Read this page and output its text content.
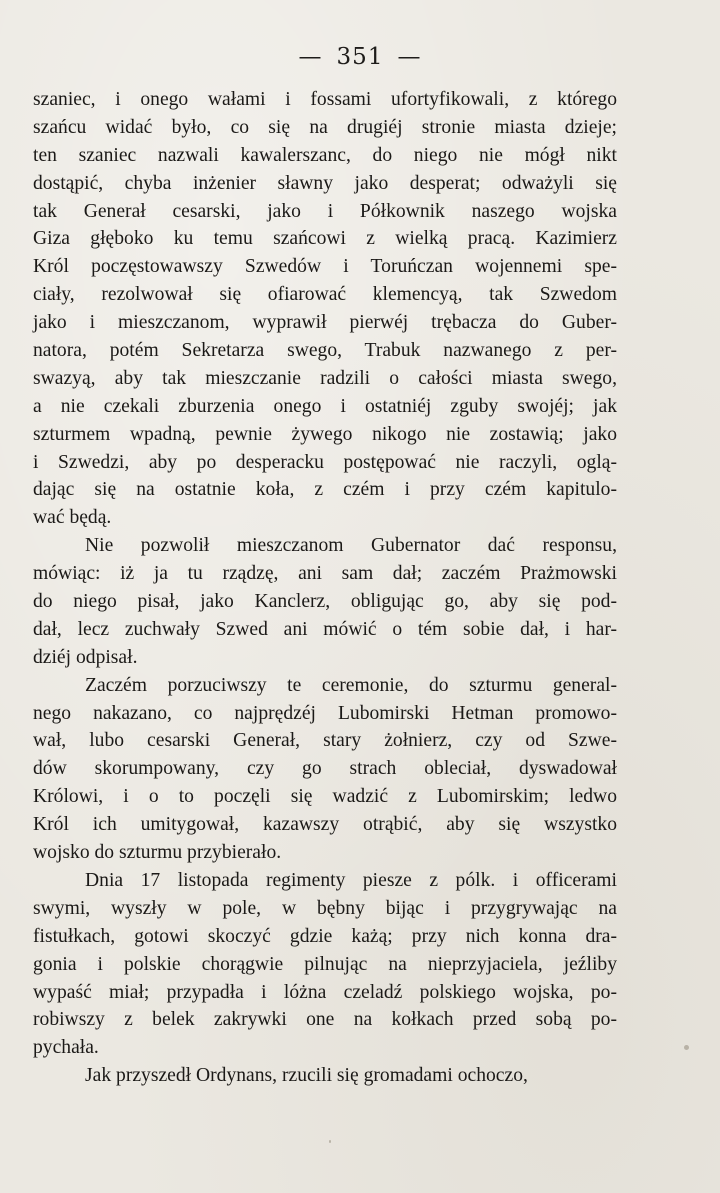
— 351 —
szaniec, i onego wałami i fossami ufortyfikowali, z którego
szańcu widać było, co się na drugiéj stronie miasta dzieje;
ten szaniec nazwali kawalerszanc, do niego nie mógł nikt
dostąpić, chyba inżenier sławny jako desperat; odważyli się
tak Generał cesarski, jako i Półkownik naszego wojska
Giza głęboko ku temu szańcowi z wielką pracą. Kazimierz
Król poczęstowawszy Szwedów i Toruńczan wojennemi spe-
ciały, rezolwował się ofiarować klemencyą, tak Szwedom
jako i mieszczanom, wyprawił pierwéj trębacza do Guber-
natora, potém Sekretarza swego, Trabuk nazwanego z per-
swazyą, aby tak mieszczanie radzili o całości miasta swego,
a nie czekali zburzenia onego i ostatniéj zguby swojéj; jak
szturmem wpadną, pewnie żywego nikogo nie zostawią; jako
i Szwedzi, aby po desperacku postępować nie raczyli, oglą-
dając się na ostatnie koła, z czém i przy czém kapitulo-
wać będą.
Nie pozwolił mieszczanom Gubernator dać responsu,
mówiąc: iż ja tu rządzę, ani sam dał; zaczém Prażmowski
do niego pisał, jako Kanclerz, obligując go, aby się pod-
dał, lecz zuchwały Szwed ani mówić o tém sobie dał, i har-
dziéj odpisał.
Zaczém porzuciwszy te ceremonie, do szturmu general-
nego nakazano, co najprędzéj Lubomirski Hetman promowo-
wał, lubo cesarski Generał, stary żołnierz, czy od Szwe-
dów skorumpowany, czy go strach obleciał, dyswadował
Królowi, i o to poczęli się wadzić z Lubomirskim; ledwo
Król ich umitygował, kazawszy otrąbić, aby się wszystko
wojsko do szturmu przybierało.
Dnia 17 listopada regimenty piesze z pólk. i officerami
swymi, wyszły w pole, w bębny bijąc i przygrywając na
fistułkach, gotowi skoczyć gdzie każą; przy nich konna dra-
gonia i polskie chorągwie pilnując na nieprzyjaciela, jeźliby
wypaść miał; przypadła i lóżna czeladź polskiego wojska, po-
robiwszy z belek zakrywki one na kołkach przed sobą po-
pychała.
Jak przyszedł Ordynans, rzucili się gromadami ochoczo,
